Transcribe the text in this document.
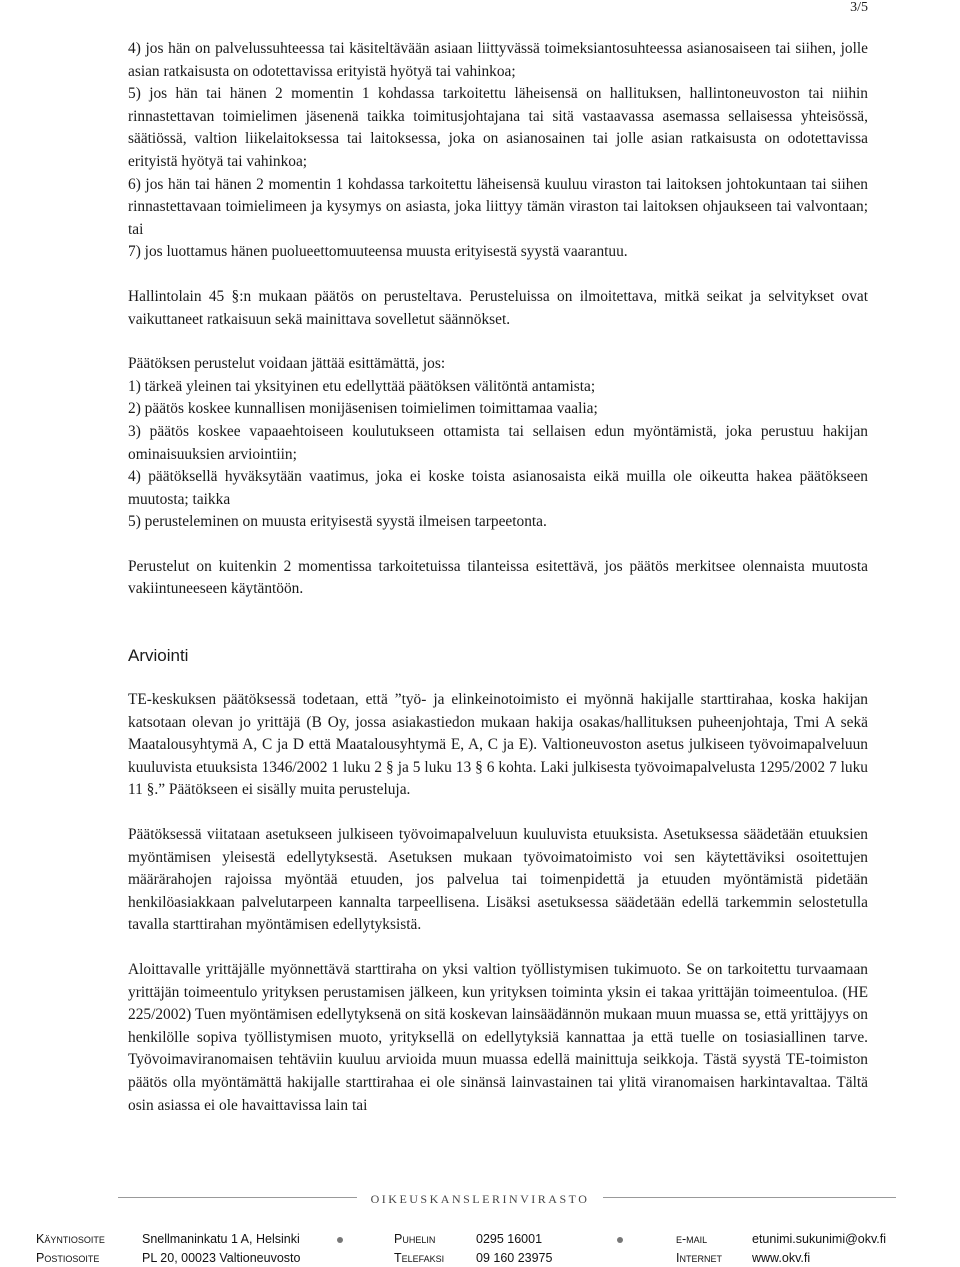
3/5

4) jos hän on palvelussuhteessa tai käsiteltävään asiaan liittyvässä toimeksiantosuhteessa asianosaiseen tai siihen, jolle asian ratkaisusta on odotettavissa erityistä hyötyä tai vahinkoa;

5) jos hän tai hänen 2 momentin 1 kohdassa tarkoitettu läheisensä on hallituksen, hallintoneuvoston tai niihin rinnastettavan toimielimen jäsenenä taikka toimitusjohtajana tai sitä vastaavassa asemassa sellaisessa yhteisössä, säätiössä, valtion liikelaitoksessa tai laitoksessa, joka on asianosainen tai jolle asian ratkaisusta on odotettavissa erityistä hyötyä tai vahinkoa;

6) jos hän tai hänen 2 momentin 1 kohdassa tarkoitettu läheisensä kuuluu viraston tai laitoksen johtokuntaan tai siihen rinnastettavaan toimielimeen ja kysymys on asiasta, joka liittyy tämän viraston tai laitoksen ohjaukseen tai valvontaan; tai

7) jos luottamus hänen puolueettomuuteensa muusta erityisestä syystä vaarantuu.

Hallintolain 45 §:n mukaan päätös on perusteltava. Perusteluissa on ilmoitettava, mitkä seikat ja selvitykset ovat vaikuttaneet ratkaisuun sekä mainittava sovelletut säännökset.

Päätöksen perustelut voidaan jättää esittämättä, jos:

1) tärkeä yleinen tai yksityinen etu edellyttää päätöksen välitöntä antamista;

2) päätös koskee kunnallisen monijäsenisen toimielimen toimittamaa vaalia;

3) päätös koskee vapaaehtoiseen koulutukseen ottamista tai sellaisen edun myöntämistä, joka perustuu hakijan ominaisuuksien arviointiin;

4) päätöksellä hyväksytään vaatimus, joka ei koske toista asianosaista eikä muilla ole oikeutta hakea päätökseen muutosta; taikka

5) perusteleminen on muusta erityisestä syystä ilmeisen tarpeetonta.

Perustelut on kuitenkin 2 momentissa tarkoitetuissa tilanteissa esitettävä, jos päätös merkitsee olennaista muutosta vakiintuneeseen käytäntöön.

Arviointi

TE-keskuksen päätöksessä todetaan, että ”työ- ja elinkeinotoimisto ei myönnä hakijalle starttirahaa, koska hakijan katsotaan olevan jo yrittäjä (B Oy, jossa asiakastiedon mukaan hakija osakas/hallituksen puheenjohtaja, Tmi A sekä Maatalousyhtymä A, C ja D että Maatalousyhtymä E, A, C ja E). Valtioneuvoston asetus julkiseen työvoimapalveluun kuuluvista etuuksista 1346/2002 1 luku 2 § ja 5 luku 13 § 6 kohta. Laki julkisesta työvoimapalvelusta 1295/2002 7 luku 11 §.” Päätökseen ei sisälly muita perusteluja.

Päätöksessä viitataan asetukseen julkiseen työvoimapalveluun kuuluvista etuuksista. Asetuksessa säädetään etuuksien myöntämisen yleisestä edellytyksestä. Asetuksen mukaan työvoimatoimisto voi sen käytettäviksi osoitettujen määrärahojen rajoissa myöntää etuuden, jos palvelua tai toimenpidettä ja etuuden myöntämistä pidetään henkilöasiakkaan palvelutarpeen kannalta tarpeellisena. Lisäksi asetuksessa säädetään edellä tarkemmin selostetulla tavalla starttirahan myöntämisen edellytyksistä.

Aloittavalle yrittäjälle myönnettävä starttiraha on yksi valtion työllistymisen tukimuoto. Se on tarkoitettu turvaamaan yrittäjän toimeentulo yrityksen perustamisen jälkeen, kun yrityksen toiminta yksin ei takaa yrittäjän toimeentuloa. (HE 225/2002) Tuen myöntämisen edellytyksenä on sitä koskevan lainsäädännön mukaan muun muassa se, että yrittäjyys on henkilölle sopiva työllistymisen muoto, yrityksellä on edellytyksiä kannattaa ja että tuelle on tosiasiallinen tarve. Työvoimaviranomaisen tehtäviin kuuluu arvioida muun muassa edellä mainittuja seikkoja. Tästä syystä TE-toimiston päätös olla myöntämättä hakijalle starttirahaa ei ole sinänsä lainvastainen tai ylitä viranomaisen harkintavaltaa. Tältä osin asiassa ei ole havaittavissa lain tai

OIKEUSKANSLERINVIRASTO
Käyntiosoite	Snellmaninkatu 1 A, Helsinki	Puhelin	0295 16001	e-mail	etunimi.sukunimi@okv.fi
Postiosoite	PL 20, 00023 Valtioneuvosto	Telefaksi	09 160 23975	Internet www.okv.fi
